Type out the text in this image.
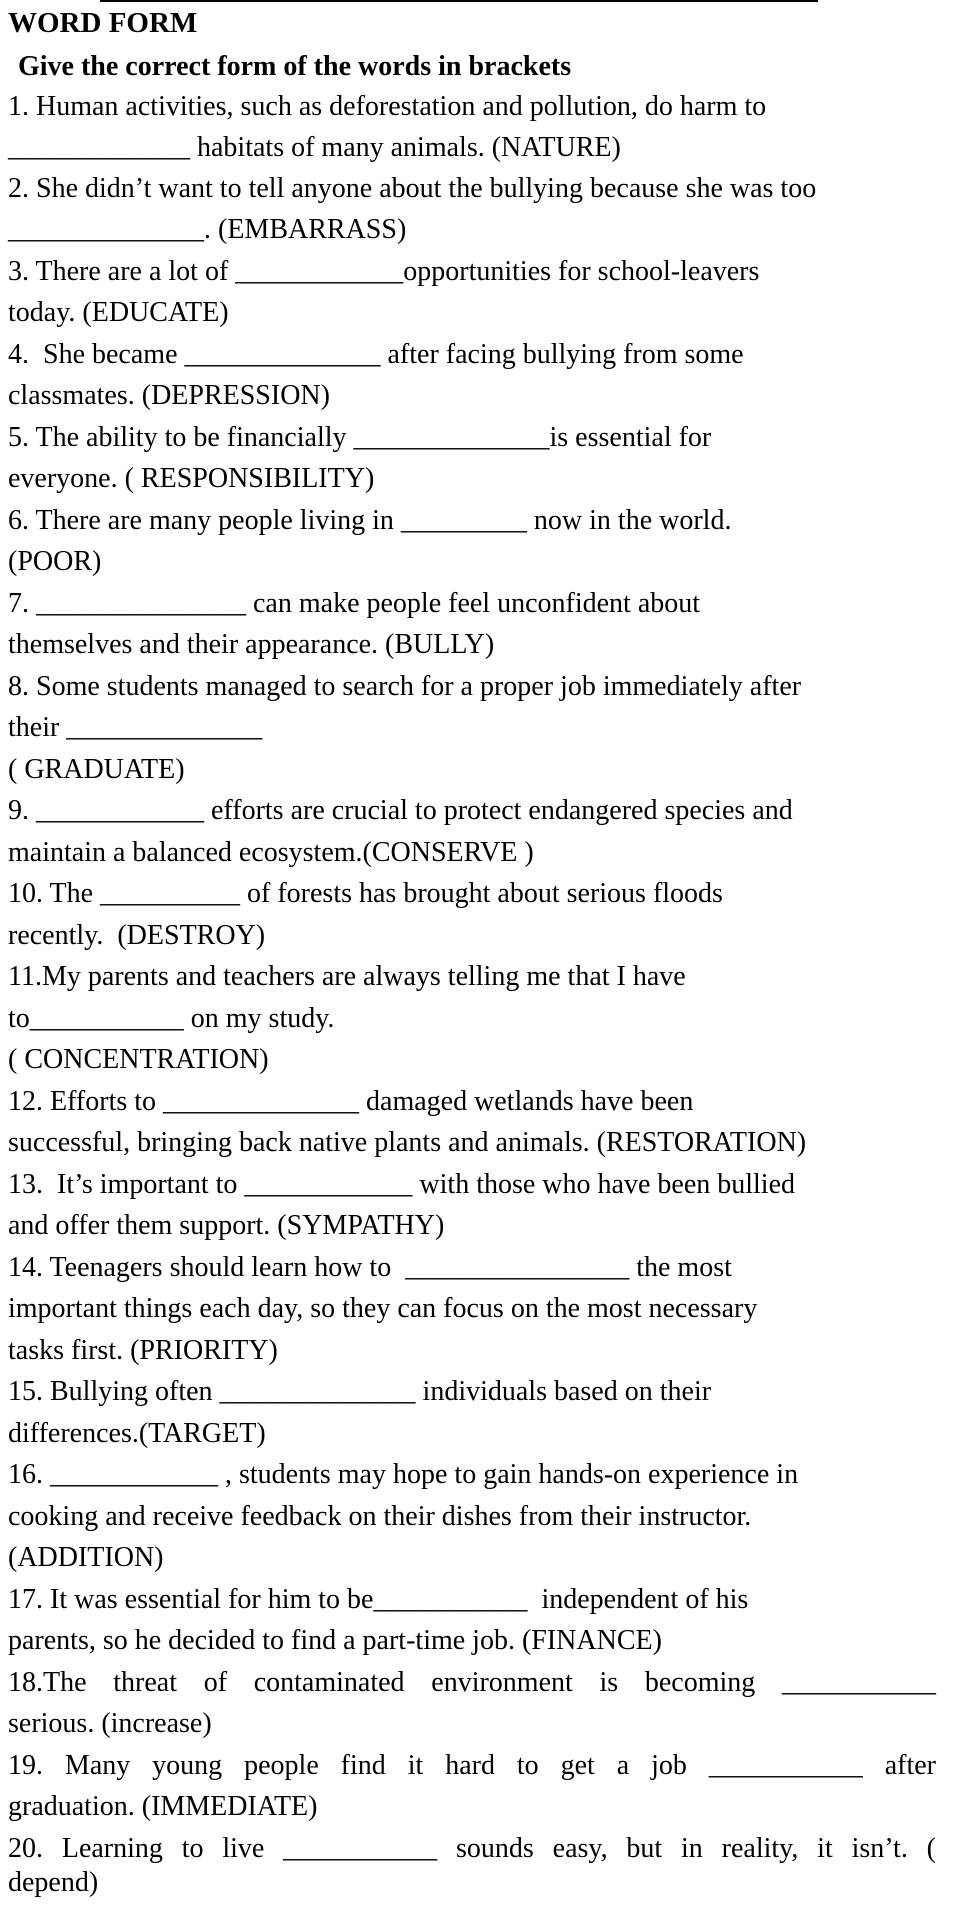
WORD FORM
Give the correct form of the words in brackets
1. Human activities, such as deforestation and pollution, do harm to
_____________ habitats of many animals. (NATURE)
2. She didn’t want to tell anyone about the bullying because she was too
______________. (EMBARRASS)
3. There are a lot of ____________opportunities for school-leavers
today. (EDUCATE)
4.  She became ______________ after facing bullying from some
classmates. (DEPRESSION)
5. The ability to be financially ______________is essential for
everyone. ( RESPONSIBILITY)
6. There are many people living in _________ now in the world.
(POOR)
7. _______________ can make people feel unconfident about
themselves and their appearance. (BULLY)
8. Some students managed to search for a proper job immediately after
their ______________
( GRADUATE)
9. ____________ efforts are crucial to protect endangered species and
maintain a balanced ecosystem.(CONSERVE )
10. The __________ of forests has brought about serious floods
recently.  (DESTROY)
11.My parents and teachers are always telling me that I have
to___________ on my study.
( CONCENTRATION)
12. Efforts to ______________ damaged wetlands have been
successful, bringing back native plants and animals. (RESTORATION)
13.  It’s important to ____________ with those who have been bullied
and offer them support. (SYMPATHY)
14. Teenagers should learn how to  ________________ the most
important things each day, so they can focus on the most necessary
tasks first. (PRIORITY)
15. Bullying often ______________ individuals based on their
differences.(TARGET)
16. ____________ , students may hope to gain hands-on experience in
cooking and receive feedback on their dishes from their instructor.
(ADDITION)
17. It was essential for him to be___________  independent of his
parents, so he decided to find a part-time job. (FINANCE)
18.The threat of contaminated environment is becoming ___________
serious. (increase)
19. Many young people find it hard to get a job ___________ after
graduation. (IMMEDIATE)
20. Learning to live ___________ sounds easy, but in reality, it isn’t. (
depend)
